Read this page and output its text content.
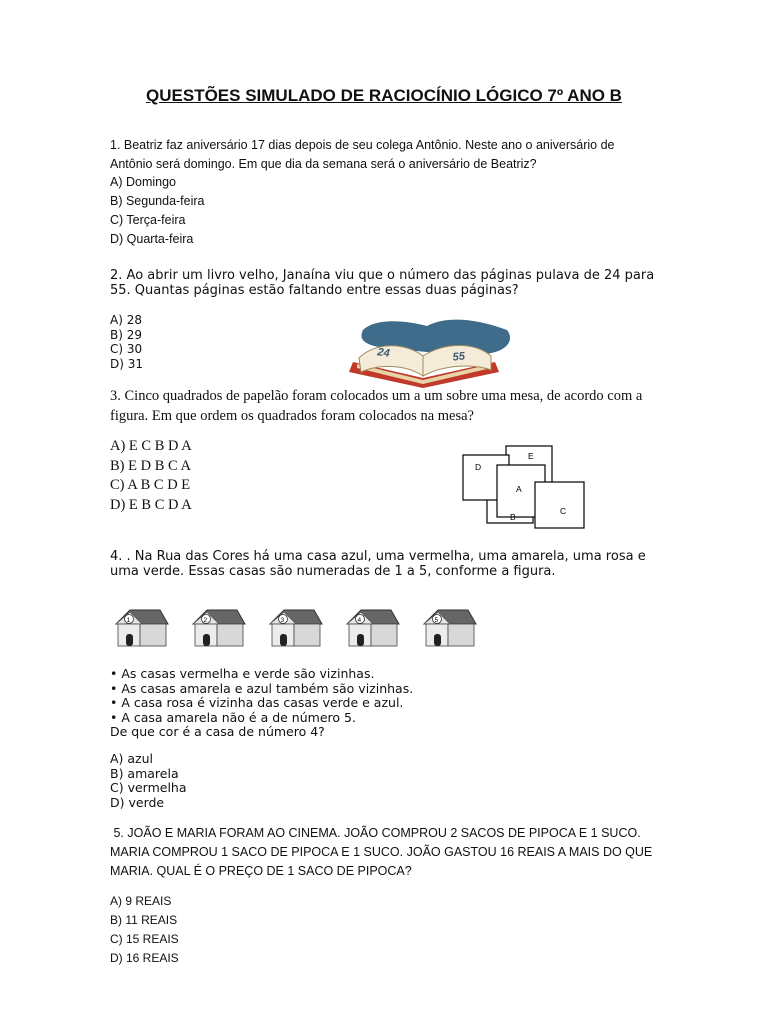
QUESTÕES SIMULADO DE RACIOCÍNIO LÓGICO 7º ANO B
1. Beatriz faz aniversário 17 dias depois de seu colega Antônio. Neste ano o aniversário de Antônio será domingo. Em que dia da semana será o aniversário de Beatriz?
A) Domingo
B) Segunda-feira
C) Terça-feira
D) Quarta-feira
2. Ao abrir um livro velho, Janaína viu que o número das páginas pulava de 24 para 55. Quantas páginas estão faltando entre essas duas páginas?
A) 28
B) 29
C) 30
D) 31
24	55
3. Cinco quadrados de papelão foram colocados um a um sobre uma mesa, de acordo com a figura. Em que ordem os quadrados foram colocados na mesa?
A) E C B D A
B) E D B C A
C) A B C D E
D) E B C D A
D
E
A
B
C
4. . Na Rua das Cores há uma casa azul, uma vermelha, uma amarela, uma rosa e uma verde. Essas casas são numeradas de 1 a 5, conforme a figura.
1	2	3	4	5
• As casas vermelha e verde são vizinhas.
• As casas amarela e azul também são vizinhas.
• A casa rosa é vizinha das casas verde e azul.
• A casa amarela não é a de número 5.
De que cor é a casa de número 4?
A) azul
B) amarela
C) vermelha
D) verde
5. JOÃO E MARIA FORAM AO CINEMA. JOÃO COMPROU 2 SACOS DE PIPOCA E 1 SUCO. MARIA COMPROU 1 SACO DE PIPOCA E 1 SUCO. JOÃO GASTOU 16 REAIS A MAIS DO QUE MARIA. QUAL É O PREÇO DE 1 SACO DE PIPOCA?
A) 9 REAIS
B) 11 REAIS
C) 15 REAIS
D) 16 REAIS
